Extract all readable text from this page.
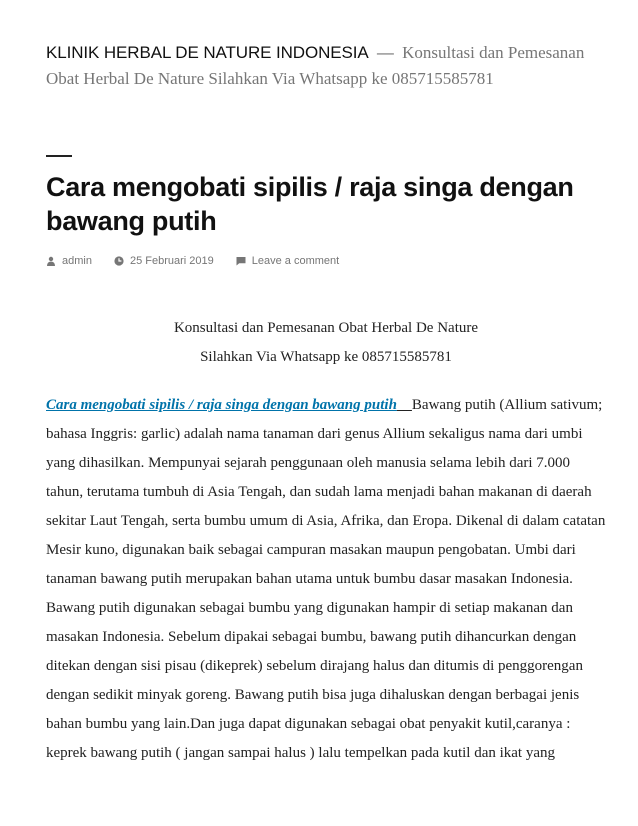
KLINIK HERBAL DE NATURE INDONESIA — Konsultasi dan Pemesanan Obat Herbal De Nature Silahkan Via Whatsapp ke 085715585781
Cara mengobati sipilis / raja singa dengan bawang putih
admin	25 Februari 2019	Leave a comment
Konsultasi dan Pemesanan Obat Herbal De Nature
Silahkan Via Whatsapp ke 085715585781

Cara mengobati sipilis / raja singa dengan bawang putih Bawang putih (Allium sativum; bahasa Inggris: garlic) adalah nama tanaman dari genus Allium sekaligus nama dari umbi yang dihasilkan. Mempunyai sejarah penggunaan oleh manusia selama lebih dari 7.000 tahun, terutama tumbuh di Asia Tengah, dan sudah lama menjadi bahan makanan di daerah sekitar Laut Tengah, serta bumbu umum di Asia, Afrika, dan Eropa. Dikenal di dalam catatan Mesir kuno, digunakan baik sebagai campuran masakan maupun pengobatan. Umbi dari tanaman bawang putih merupakan bahan utama untuk bumbu dasar masakan Indonesia. Bawang putih digunakan sebagai bumbu yang digunakan hampir di setiap makanan dan masakan Indonesia. Sebelum dipakai sebagai bumbu, bawang putih dihancurkan dengan ditekan dengan sisi pisau (dikeprek) sebelum dirajang halus dan ditumis di penggorengan dengan sedikit minyak goreng. Bawang putih bisa juga dihaluskan dengan berbagai jenis bahan bumbu yang lain.Dan juga dapat digunakan sebagai obat penyakit kutil,caranya : keprek bawang putih ( jangan sampai halus ) lalu tempelkan pada kutil dan ikat yang
